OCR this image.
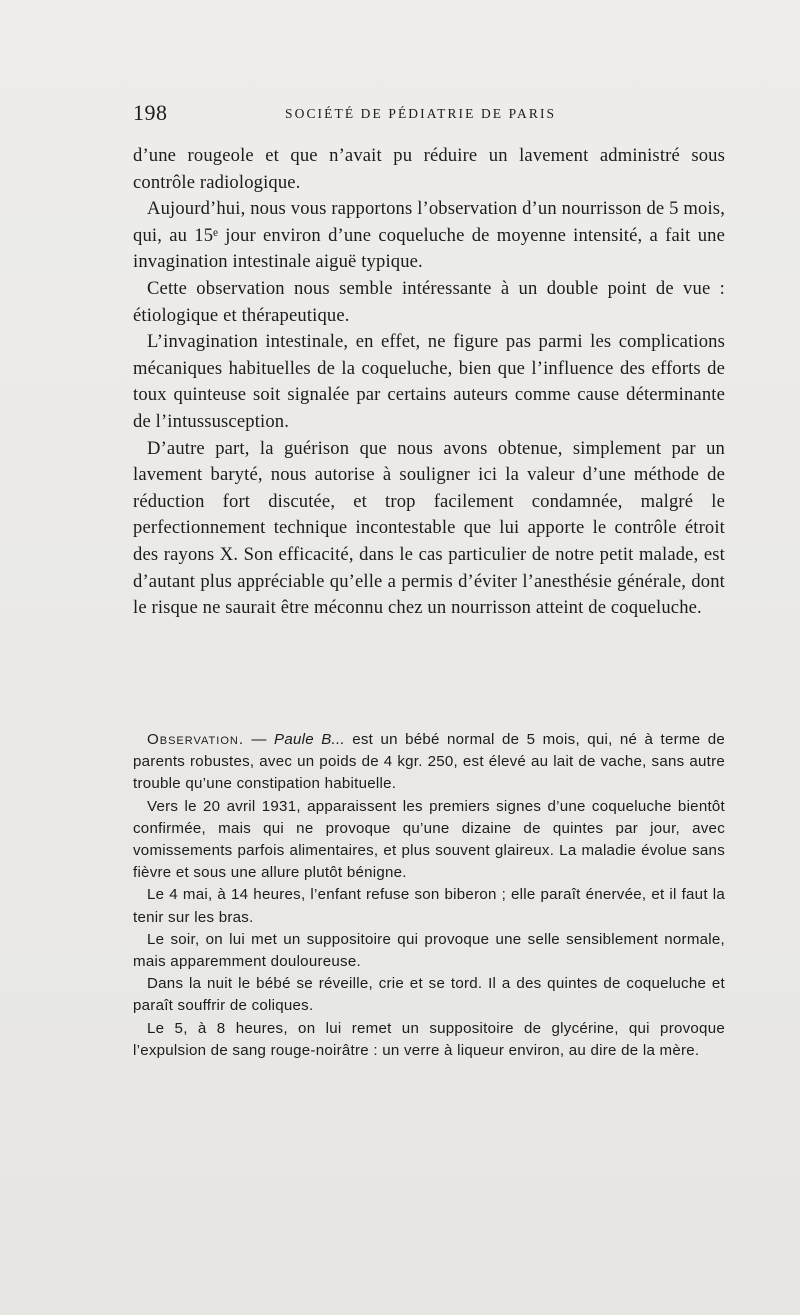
198	SOCIÉTÉ DE PÉDIATRIE DE PARIS

d’une rougeole et que n’avait pu réduire un lavement administré sous contrôle radiologique.

Aujourd’hui, nous vous rapportons l’observation d’un nourrisson de 5 mois, qui, au 15ᵉ jour environ d’une coqueluche de moyenne intensité, a fait une invagination intestinale aiguë typique.

Cette observation nous semble intéressante à un double point de vue : étiologique et thérapeutique.

L’invagination intestinale, en effet, ne figure pas parmi les complications mécaniques habituelles de la coqueluche, bien que l’influence des efforts de toux quinteuse soit signalée par certains auteurs comme cause déterminante de l’intussusception.

D’autre part, la guérison que nous avons obtenue, simplement par un lavement baryté, nous autorise à souligner ici la valeur d’une méthode de réduction fort discutée, et trop facilement condamnée, malgré le perfectionnement technique incontestable que lui apporte le contrôle étroit des rayons X. Son efficacité, dans le cas particulier de notre petit malade, est d’autant plus appréciable qu’elle a permis d’éviter l’anesthésie générale, dont le risque ne saurait être méconnu chez un nourrisson atteint de coqueluche.

Observation. — Paule B... est un bébé normal de 5 mois, qui, né à terme de parents robustes, avec un poids de 4 kgr. 250, est élevé au lait de vache, sans autre trouble qu’une constipation habituelle.

Vers le 20 avril 1931, apparaissent les premiers signes d’une coqueluche bientôt confirmée, mais qui ne provoque qu’une dizaine de quintes par jour, avec vomissements parfois alimentaires, et plus souvent glaireux. La maladie évolue sans fièvre et sous une allure plutôt bénigne.

Le 4 mai, à 14 heures, l’enfant refuse son biberon ; elle paraît énervée, et il faut la tenir sur les bras.

Le soir, on lui met un suppositoire qui provoque une selle sensiblement normale, mais apparemment douloureuse.

Dans la nuit le bébé se réveille, crie et se tord. Il a des quintes de coqueluche et paraît souffrir de coliques.

Le 5, à 8 heures, on lui remet un suppositoire de glycérine, qui provoque l’expulsion de sang rouge-noirâtre : un verre à liqueur environ, au dire de la mère.
